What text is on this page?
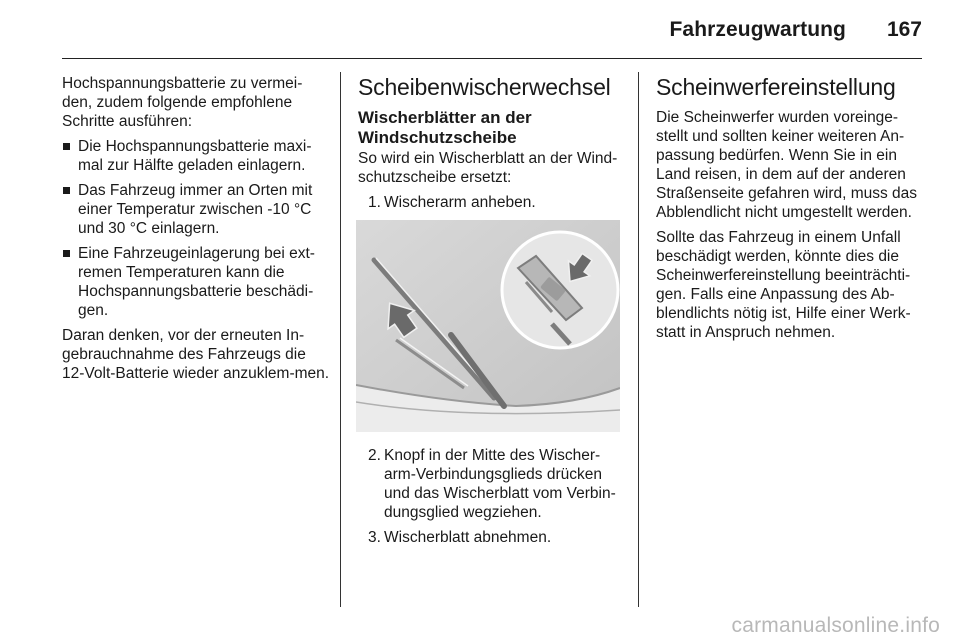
Fahrzeugwartung 167

Hochspannungsbatterie zu vermei-den, zudem folgende empfohlene Schritte ausführen:

Die Hochspannungsbatterie maxi-mal zur Hälfte geladen einlagern.
Das Fahrzeug immer an Orten mit einer Temperatur zwischen -10 °C und 30 °C einlagern.
Eine Fahrzeugeinlagerung bei ext-remen Temperaturen kann die Hochspannungsbatterie beschädi-gen.

Daran denken, vor der erneuten In-gebrauchnahme des Fahrzeugs die 12-Volt-Batterie wieder anzuklem-men.

Scheibenwischerwechsel
Wischerblätter an der Windschutzscheibe

So wird ein Wischerblatt an der Wind-schutzscheibe ersetzt:

1. Wischerarm anheben.
2. Knopf in der Mitte des Wischer-arm-Verbindungsglieds drücken und das Wischerblatt vom Verbin-dungsglied wegziehen.
3. Wischerblatt abnehmen.
Scheinwerfereinstellung

Die Scheinwerfer wurden voreinge-stellt und sollten keiner weiteren An-passung bedürfen. Wenn Sie in ein Land reisen, in dem auf der anderen Straßenseite gefahren wird, muss das Abblendlicht nicht umgestellt werden.

Sollte das Fahrzeug in einem Unfall beschädigt werden, könnte dies die Scheinwerfereinstellung beeinträchti-gen. Falls eine Anpassung des Ab-blendlichts nötig ist, Hilfe einer Werk-statt in Anspruch nehmen.

carmanualsonline.info
